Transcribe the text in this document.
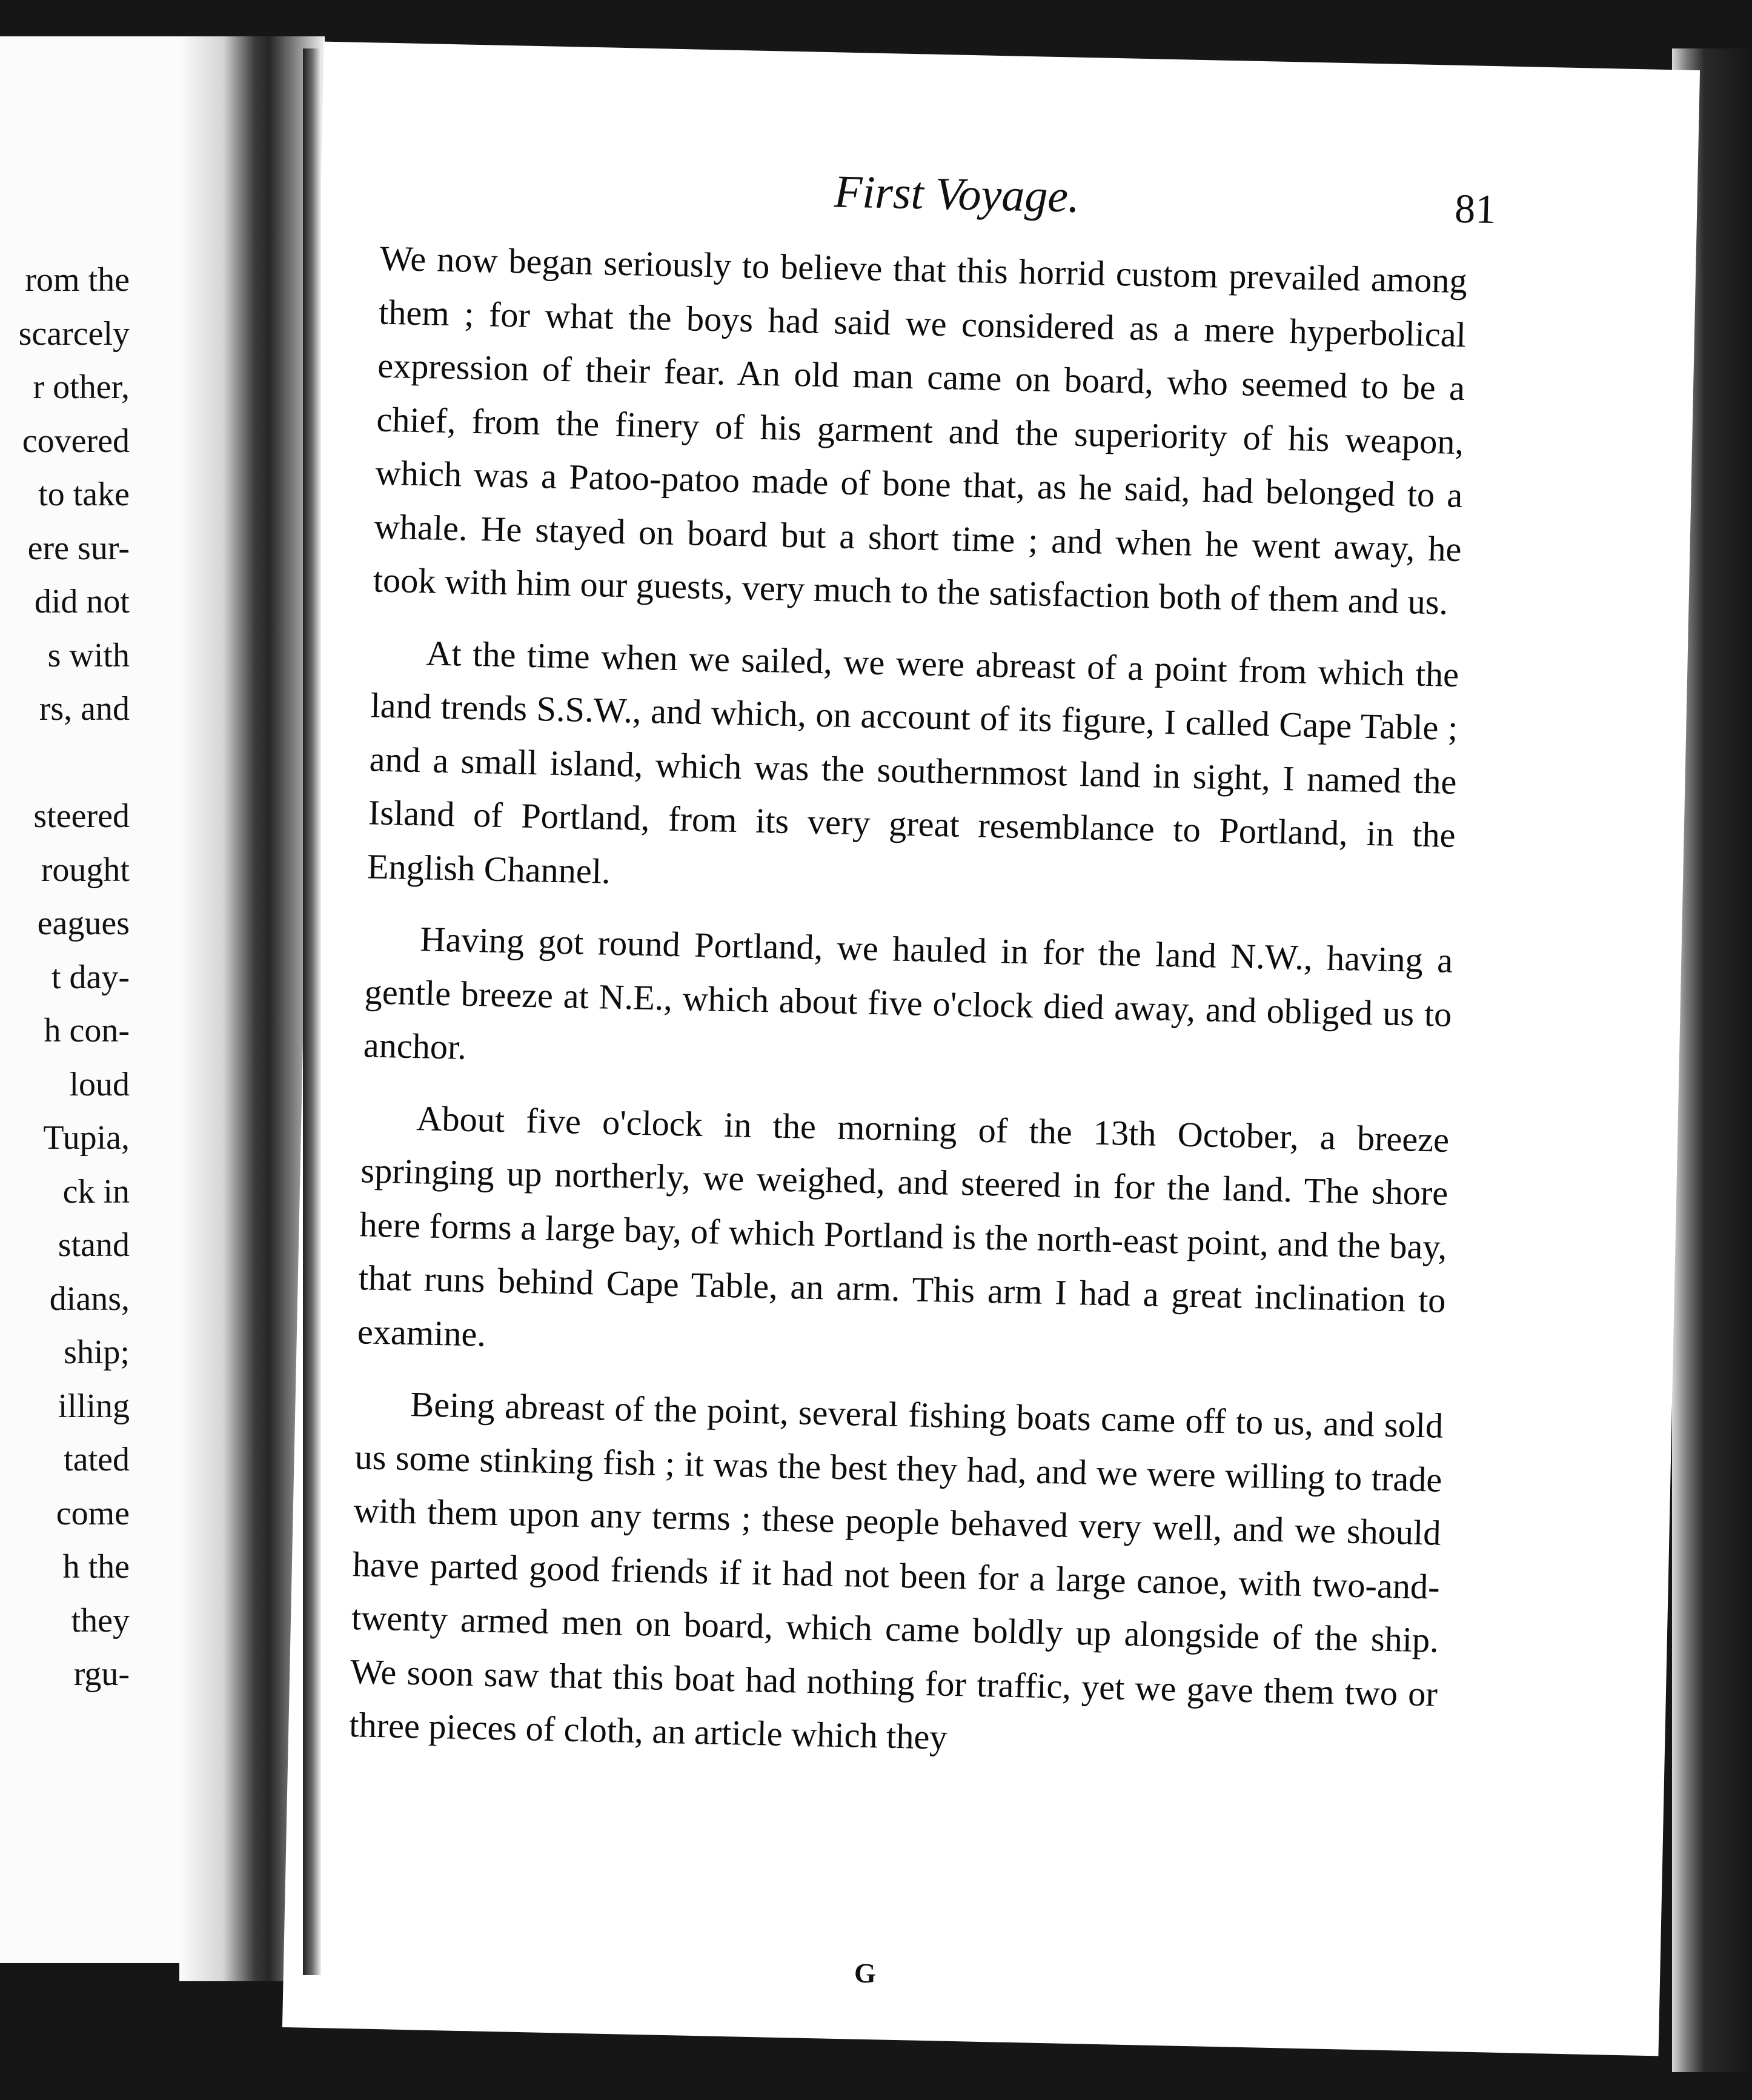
rom the
scarcely
r other,
covered
to take
ere sur-
did not
s with
rs, and
steered
rought
eagues
t day-
h con-
loud
Tupia,
ck in
stand
dians,
ship;
illing
tated
come
h the
they
rgu-
First Voyage.	81

We now began seriously to believe that this horrid custom prevailed among them ; for what the boys had said we considered as a mere hyperbolical expression of their fear. An old man came on board, who seemed to be a chief, from the finery of his garment and the superiority of his weapon, which was a Patoo-patoo made of bone that, as he said, had belonged to a whale. He stayed on board but a short time ; and when he went away, he took with him our guests, very much to the satisfaction both of them and us.

At the time when we sailed, we were abreast of a point from which the land trends S.S.W., and which, on account of its figure, I called Cape Table ; and a small island, which was the southernmost land in sight, I named the Island of Portland, from its very great resemblance to Portland, in the English Channel.

Having got round Portland, we hauled in for the land N.W., having a gentle breeze at N.E., which about five o'clock died away, and obliged us to anchor.

About five o'clock in the morning of the 13th October, a breeze springing up northerly, we weighed, and steered in for the land. The shore here forms a large bay, of which Portland is the north-east point, and the bay, that runs behind Cape Table, an arm. This arm I had a great inclination to examine.

Being abreast of the point, several fishing boats came off to us, and sold us some stinking fish ; it was the best they had, and we were willing to trade with them upon any terms ; these people behaved very well, and we should have parted good friends if it had not been for a large canoe, with two-and-twenty armed men on board, which came boldly up alongside of the ship. We soon saw that this boat had nothing for traffic, yet we gave them two or three pieces of cloth, an article which they

G
